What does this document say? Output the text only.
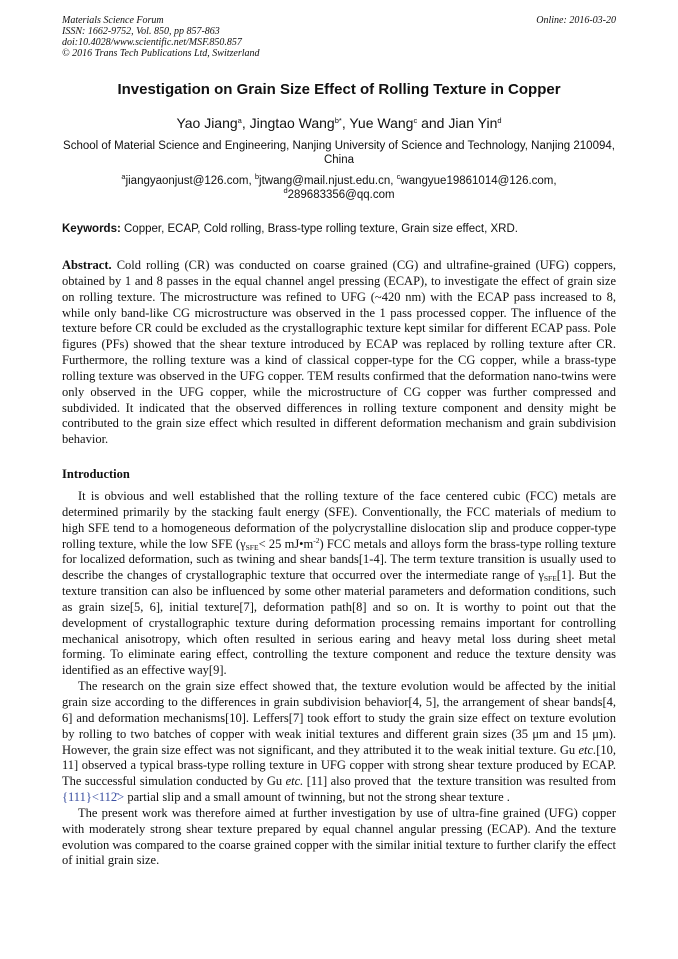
Materials Science Forum
ISSN: 1662-9752, Vol. 850, pp 857-863
doi:10.4028/www.scientific.net/MSF.850.857
© 2016 Trans Tech Publications Ltd, Switzerland
Online: 2016-03-20
Investigation on Grain Size Effect of Rolling Texture in Copper
Yao Jiang$^a$, Jingtao Wang$^{b*}$, Yue Wang$^c$ and Jian Yin$^d$
School of Material Science and Engineering, Nanjing University of Science and Technology, Nanjing 210094, China
$^a$jiangyaonjust@126.com, $^b$jtwang@mail.njust.edu.cn, $^c$wangyue19861014@126.com,
$^d$289683356@qq.com
Keywords: Copper, ECAP, Cold rolling, Brass-type rolling texture, Grain size effect, XRD.

Abstract. Cold rolling (CR) was conducted on coarse grained (CG) and ultrafine-grained (UFG) coppers, obtained by 1 and 8 passes in the equal channel angel pressing (ECAP), to investigate the effect of grain size on rolling texture. The microstructure was refined to UFG (~420 nm) with the ECAP pass increased to 8, while only band-like CG microstructure was observed in the 1 pass processed copper. The influence of the texture before CR could be excluded as the crystallographic texture kept similar for different ECAP pass. Pole figures (PFs) showed that the shear texture introduced by ECAP was replaced by rolling texture after CR. Furthermore, the rolling texture was a kind of classical copper-type for the CG copper, while a brass-type rolling texture was observed in the UFG copper. TEM results confirmed that the deformation nano-twins were only observed in the UFG copper, while the microstructure of CG copper was further compressed and subdivided. It indicated that the observed differences in rolling texture component and density might be contributed to the grain size effect which resulted in different deformation mechanism and grain subdivision behavior.

Introduction

It is obvious and well established that the rolling texture of the face centered cubic (FCC) metals are determined primarily by the stacking fault energy (SFE). Conventionally, the FCC materials of medium to high SFE tend to a homogeneous deformation of the polycrystalline dislocation slip and produce copper-type rolling texture, while the low SFE ($\gamma_{SFE}< 25$ $mJ•m^{-2}$) FCC metals and alloys form the brass-type rolling texture for localized deformation, such as twining and shear bands[1-4]. The term texture transition is usually used to describe the changes of crystallographic texture that occurred over the intermediate range of $\gamma_{SFE}[1]$. But the texture transition can also be influenced by some other material parameters and deformation conditions, such as grain size[5, 6], initial texture[7], deformation path[8] and so on. It is worthy to point out that the development of crystallographic texture during deformation processing remains important for controlling mechanical anisotropy, which often resulted in serious earing and heavy metal loss during sheet metal forming. To eliminate earing effect, controlling the texture component and reduce the texture density was identified as an effective way[9].

The research on the grain size effect showed that, the texture evolution would be affected by the initial grain size according to the differences in grain subdivision behavior[4, 5], the arrangement of shear bands[4, 6] and deformation mechanisms[10]. Leffers[7] took effort to study the grain size effect on texture evolution by rolling to two batches of copper with weak initial textures and different grain sizes (35 μm and 15 μm). However, the grain size effect was not significant, and they attributed it to the weak initial texture. Gu etc.[10, 11] observed a typical brass-type rolling texture in UFG copper with strong shear texture produced by ECAP. The successful simulation conducted by Gu etc. [11] also proved that  the texture transition was resulted from {111}<112̄> partial slip and a small amount of twinning, but not the strong shear texture .

The present work was therefore aimed at further investigation by use of ultra-fine grained (UFG) copper with moderately strong shear texture prepared by equal channel angular pressing (ECAP). And the texture evolution was compared to the coarse grained copper with the similar initial texture to further clarify the effect of initial grain size.
